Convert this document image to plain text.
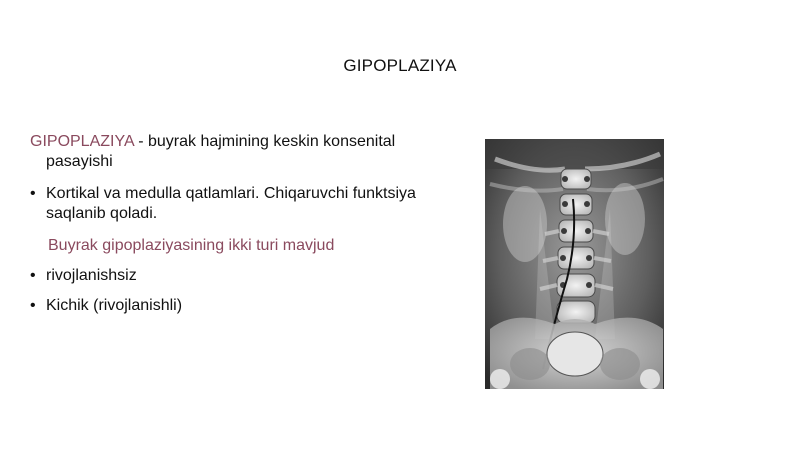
GIPOPLAZIYA
GIPOPLAZIYA - buyrak hajmining keskin konsenital
pasayishi
• Kortikal va medulla qatlamlari. Chiqaruvchi funktsiya saqlanib qoladi.
Buyrak gipoplaziyasining ikki turi mavjud
• rivojlanishsiz
• Kichik (rivojlanishli)
